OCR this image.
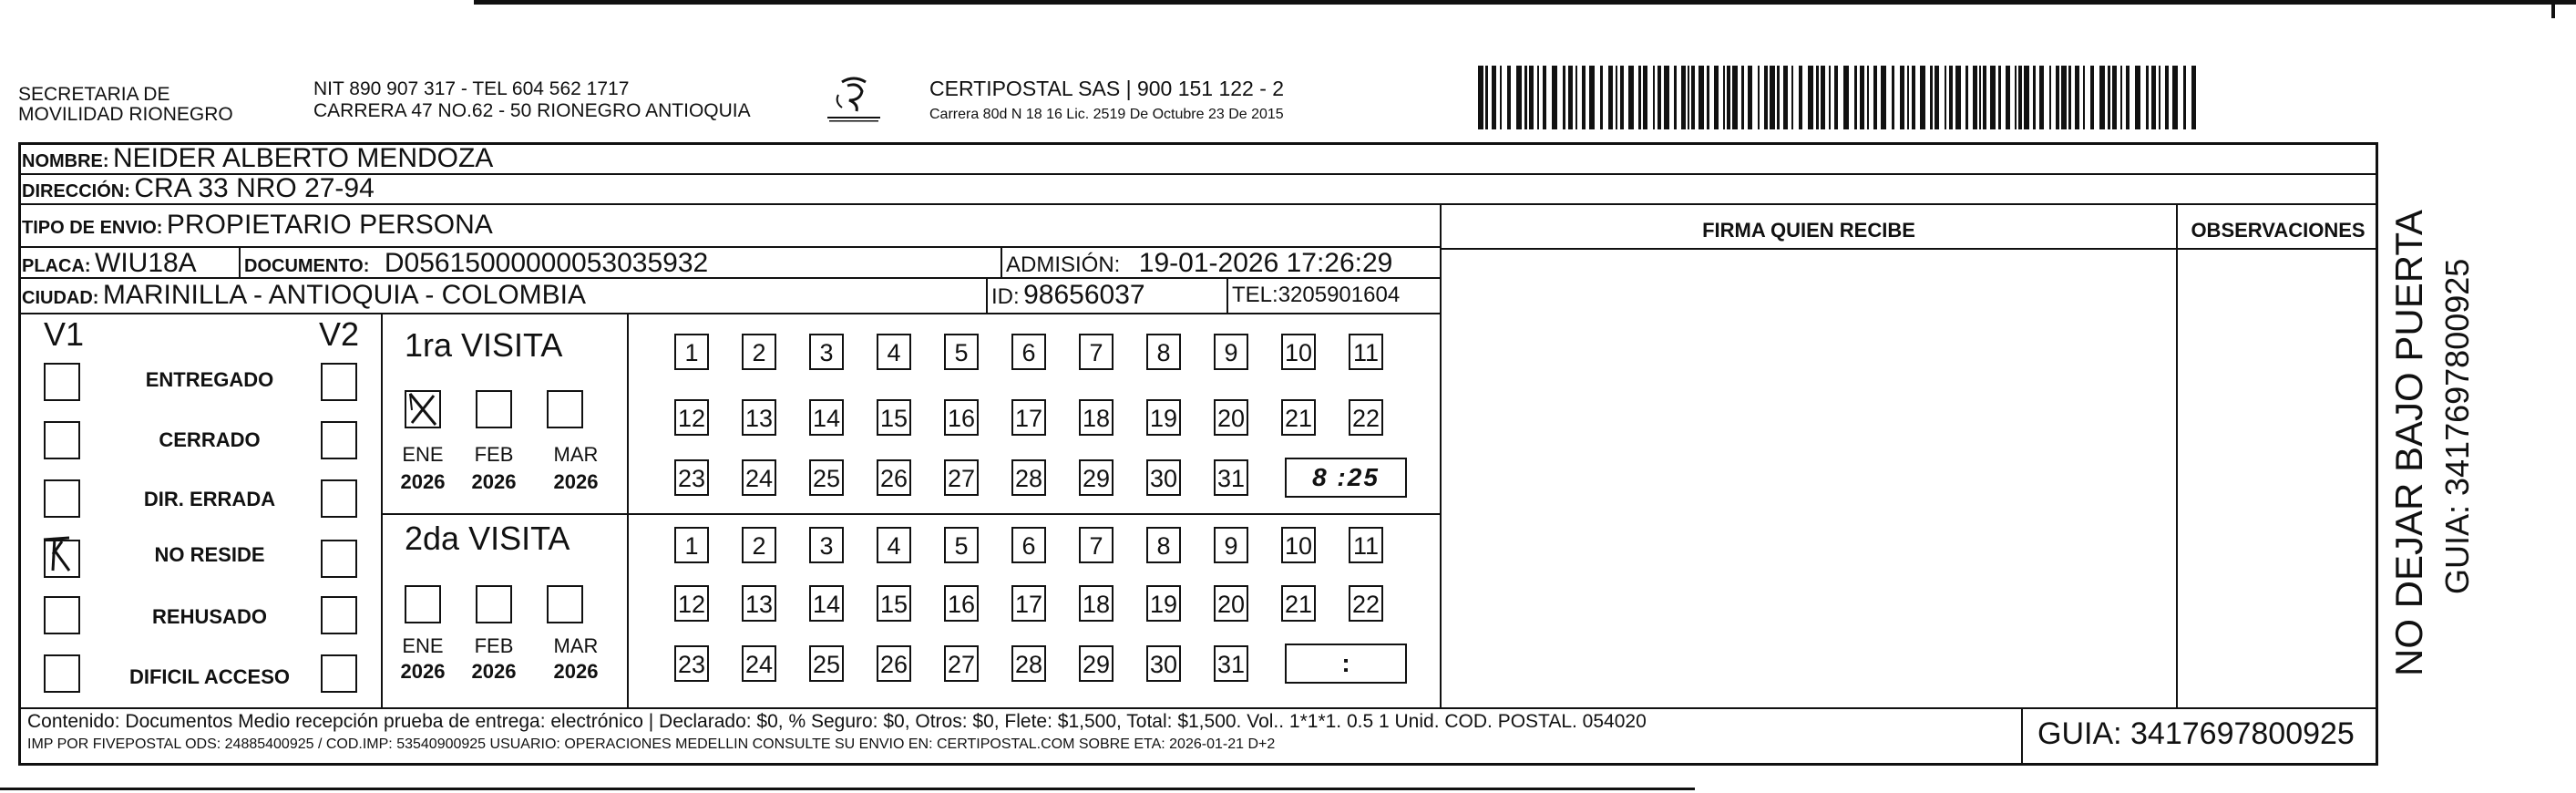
SECRETARIA DE
MOVILIDAD RIONEGRO
NIT 890 907 317 - TEL 604 562 1717
CARRERA 47 NO.62 - 50 RIONEGRO ANTIOQUIA
CERTIPOSTAL SAS | 900 151 122 - 2
Carrera 80d N 18 16 Lic. 2519 De Octubre 23 De 2015
NOMBRE: NEIDER ALBERTO MENDOZA
DIRECCIÓN: CRA 33 NRO 27-94
TIPO DE ENVIO: PROPIETARIO PERSONA	FIRMA QUIEN RECIBE	OBSERVACIONES
PLACA: WIU18A	DOCUMENTO: D05615000000053035932	ADMISIÓN: 19-01-2026 17:26:29
CIUDAD: MARINILLA - ANTIOQUIA - COLOMBIA	ID: 98656037	TEL:3205901604
V1	V2
ENTREGADO
CERRADO
DIR. ERRADA
NO RESIDE
REHUSADO
DIFICIL ACCESO
1ra VISITA
2da VISITA
ENE	FEB	MAR
2026 2026 2026
ENE	FEB	MAR
2026 2026 2026
1	2	3	4	5	6	7	8	9	10 11
12 13 14 15 16 17 18 19 20 21 22
23 24 25 26 27 28 29 30 31
1	2	3	4	5	6	7	8	9	10 11
12 13 14 15 16 17 18 19 20 21 22
23 24 25 26 27 28 29 30 31
8 :25
:
Contenido: Documentos Medio recepción prueba de entrega: electrónico | Declarado: $0, % Seguro: $0, Otros: $0, Flete: $1,500, Total: $1,500. Vol.. 1*1*1. 0.5 1 Unid. COD. POSTAL. 054020
IMP POR FIVEPOSTAL ODS: 24885400925 / COD.IMP: 53540900925 USUARIO: OPERACIONES MEDELLIN CONSULTE SU ENVIO EN: CERTIPOSTAL.COM SOBRE ETA: 2026-01-21 D+2	GUIA: 3417697800925
NO DEJAR BAJO PUERTA GUIA: 3417697800925
